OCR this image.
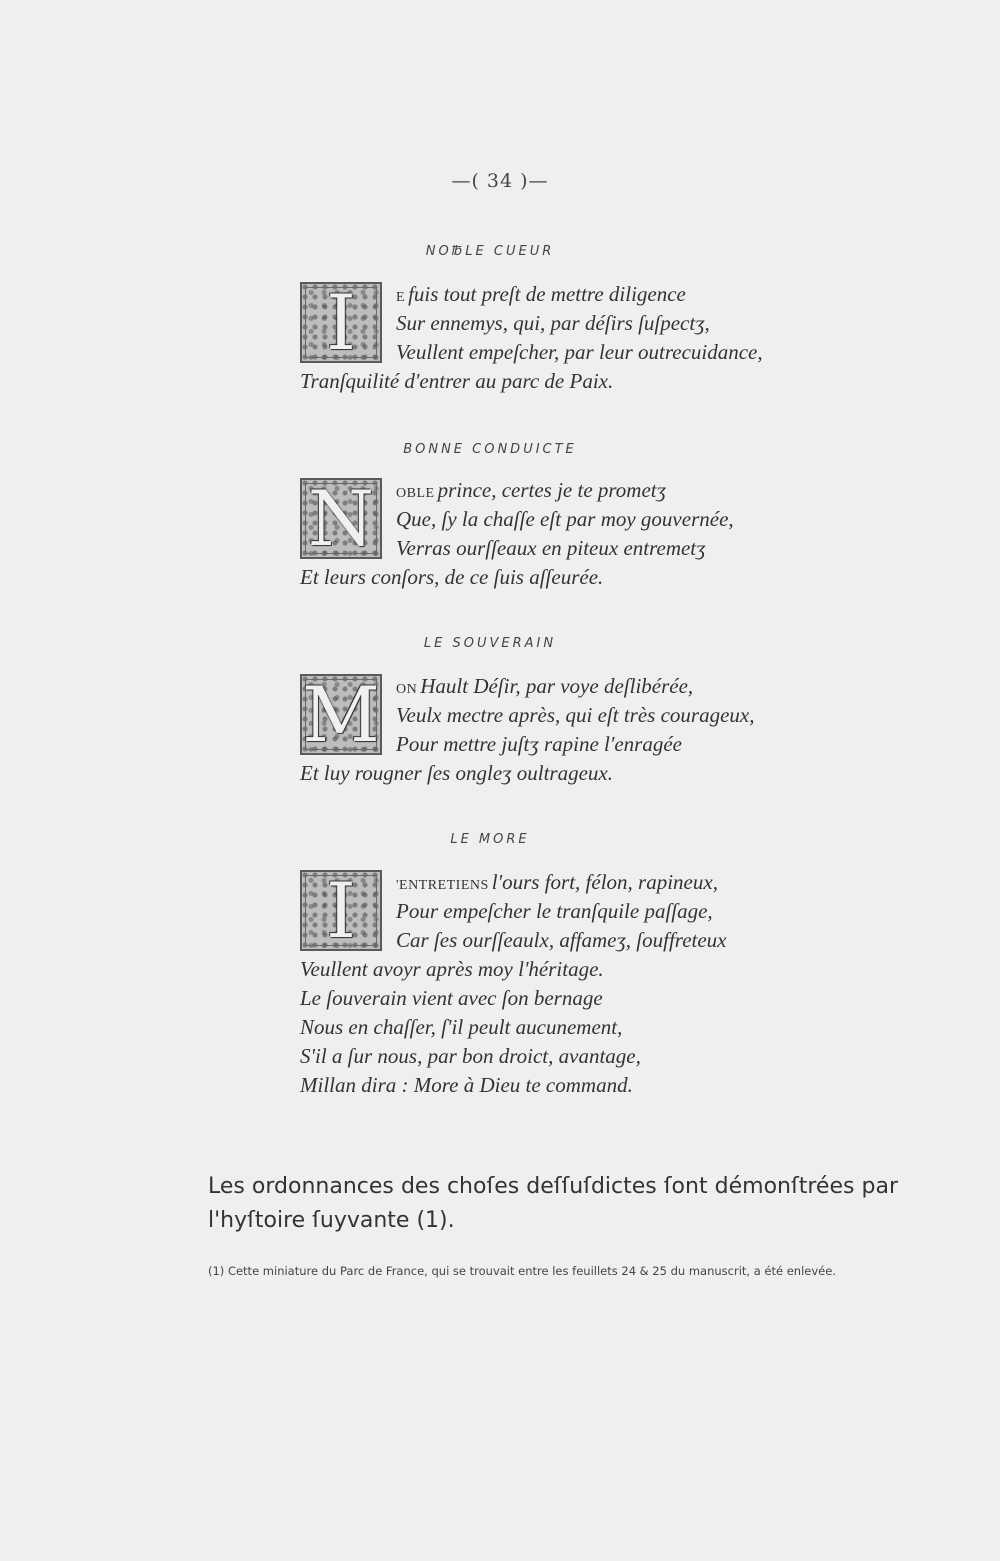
—( 34 )—
NO℔LE CUEUR
I	E fuis tout preſt de mettre diligence
Sur ennemys, qui, par déſirs ſuſpectʒ,
Veullent empeſcher, par leur outrecuidance,
Tranſquilité d'entrer au parc de Paix.
BONNE CONDUICTE
N	OBLE prince, certes je te prometʒ
Que, ſy la chaſſe eſt par moy gouvernée,
Verras ourſſeaux en piteux entremetʒ
Et leurs conſors, de ce ſuis aſſeurée.
LE SOUVERAIN
M	ON Hault Déſir, par voye deſlibérée,
Veulx mectre après, qui eſt très courageux,
Pour mettre juſtʒ rapine l'enragée
Et luy rougner ſes onglеʒ oultrageux.
LE MORE
I	'ENTRETIENS l'ours fort, félon, rapineux,
Pour empeſcher le tranſquile paſſage,
Car ſes ourſſeaulx, affameʒ, ſouffreteux
Veullent avoyr après moy l'héritage.
Le ſouverain vient avec ſon bernage
Nous en chaſſer, ſ'il peult aucunement,
S'il a ſur nous, par bon droict, avantage,
Millan dira : More à Dieu te command.
Les ordonnances des choſes deſſuſdictes ſont démonſtrées par l'hyſtoire ſuyvante (1).
(1) Cette miniature du Parc de France, qui se trouvait entre les feuillets 24 & 25 du manuscrit, a été enlevée.
